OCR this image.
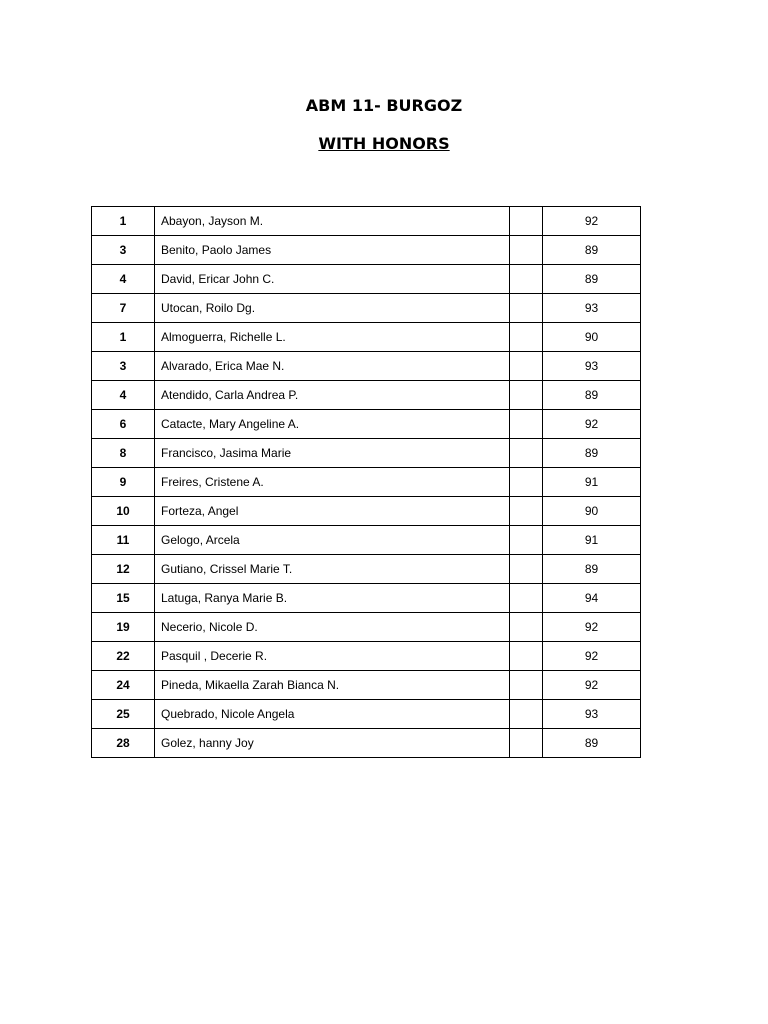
ABM 11- BURGOZ
WITH HONORS
1	Abayon, Jayson M.		92
3	Benito, Paolo James		89
4	David, Ericar John C.		89
7	Utocan, Roilo Dg.		93
1	Almoguerra, Richelle L.		90
3	Alvarado, Erica Mae N.		93
4	Atendido, Carla Andrea P.		89
6	Catacte, Mary Angeline A.		92
8	Francisco, Jasima Marie		89
9	Freires, Cristene A.		91
10	Forteza, Angel		90
11	Gelogo, Arcela		91
12	Gutiano, Crissel Marie T.		89
15	Latuga, Ranya Marie B.		94
19	Necerio, Nicole D.		92
22	Pasquil , Decerie R.		92
24	Pineda, Mikaella Zarah Bianca N.		92
25	Quebrado, Nicole Angela		93
28	Golez, hanny Joy		89
